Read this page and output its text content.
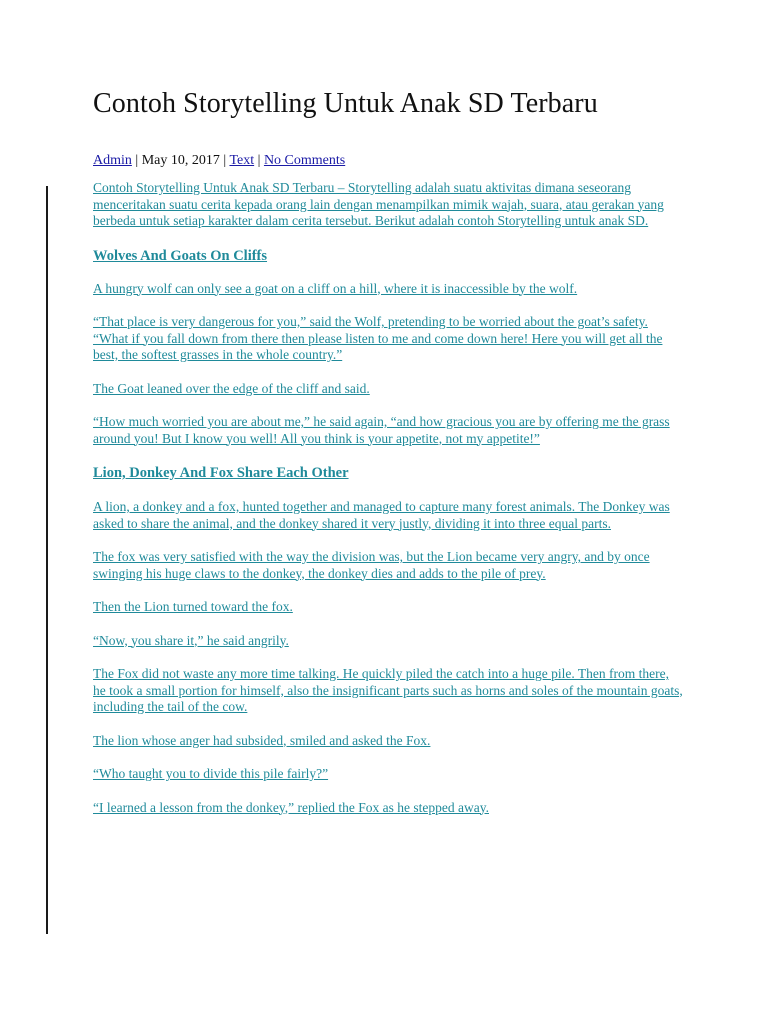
Contoh Storytelling Untuk Anak SD Terbaru
Admin | May 10, 2017 | Text | No Comments

Contoh Storytelling Untuk Anak SD Terbaru – Storytelling adalah suatu aktivitas dimana seseorang menceritakan suatu cerita kepada orang lain dengan menampilkan mimik wajah, suara, atau gerakan yang berbeda untuk setiap karakter dalam cerita tersebut. Berikut adalah contoh Storytelling untuk anak SD.

Wolves And Goats On Cliffs

A hungry wolf can only see a goat on a cliff on a hill, where it is inaccessible by the wolf.

“That place is very dangerous for you,” said the Wolf, pretending to be worried about the goat’s safety. “What if you fall down from there then please listen to me and come down here! Here you will get all the best, the softest grasses in the whole country.”

The Goat leaned over the edge of the cliff and said.

“How much worried you are about me,” he said again, “and how gracious you are by offering me the grass around you! But I know you well! All you think is your appetite, not my appetite!”

Lion, Donkey And Fox Share Each Other

A lion, a donkey and a fox, hunted together and managed to capture many forest animals. The Donkey was asked to share the animal, and the donkey shared it very justly, dividing it into three equal parts.

The fox was very satisfied with the way the division was, but the Lion became very angry, and by once swinging his huge claws to the donkey, the donkey dies and adds to the pile of prey.

Then the Lion turned toward the fox.

“Now, you share it,” he said angrily.

The Fox did not waste any more time talking. He quickly piled the catch into a huge pile. Then from there, he took a small portion for himself, also the insignificant parts such as horns and soles of the mountain goats, including the tail of the cow.

The lion whose anger had subsided, smiled and asked the Fox.

“Who taught you to divide this pile fairly?”

“I learned a lesson from the donkey,” replied the Fox as he stepped away.
